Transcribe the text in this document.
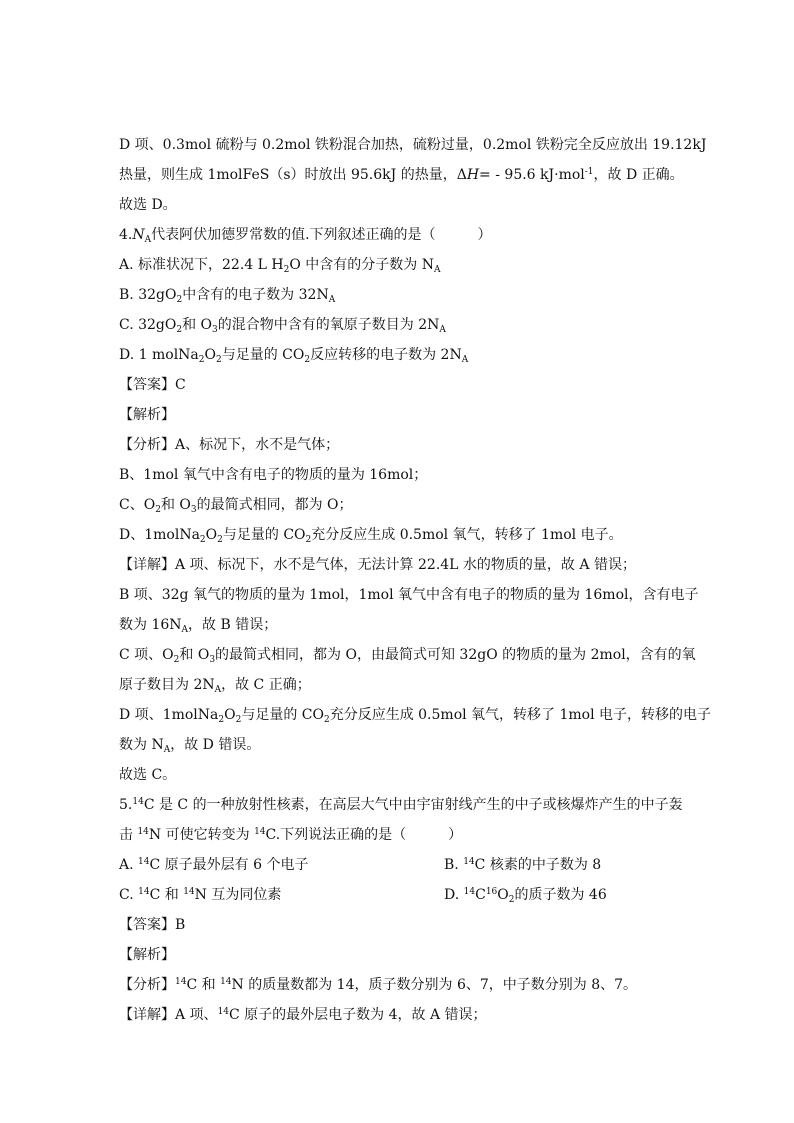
D 项、0.3mol 硫粉与 0.2mol 铁粉混合加热，硫粉过量，0.2mol 铁粉完全反应放出 19.12kJ
热量，则生成 1molFeS（s）时放出 95.6kJ 的热量，ΔH= - 95.6 kJ·mol$^{-1}$，故 D 正确。
故选 D。
$4.N_A$代表阿伏加德罗常数的值.下列叙述正确的是（　　　）
A. 标准状况下，22.4 L $H_2O$ 中含有的分子数为 $N_A$
B. $32gO_2$中含有的电子数为 $32N_A$
C. $32gO_2$和 $O_3$的混合物中含有的氧原子数目为 $2N_A$
D. 1 $molNa_2O_2$与足量的 $CO_2$反应转移的电子数为 $2N_A$
【答案】C
【解析】
【分析】A、标况下，水不是气体；
B、1mol 氧气中含有电子的物质的量为 16mol；
C、$O_2$和 $O_3$的最简式相同，都为 O；
D、$1molNa_2O_2$与足量的 $CO_2$充分反应生成 0.5mol 氧气，转移了 1mol 电子。
【详解】A 项、标况下，水不是气体，无法计算 22.4L 水的物质的量，故 A 错误；
B 项、32g 氧气的物质的量为 1mol，1mol 氧气中含有电子的物质的量为 16mol，含有电子
数为 $16N_A$，故 B 错误；
C 项、$O_2$和 $O_3$的最简式相同，都为 O，由最简式可知 32gO 的物质的量为 2mol，含有的氧
原子数目为 $2N_A$，故 C 正确；
D 项、$1molNa_2O_2$与足量的 $CO_2$充分反应生成 0.5mol 氧气，转移了 1mol 电子，转移的电子
数为 $N_A$，故 D 错误。
故选 C。
5.14C 是 C 的一种放射性核素，在高层大气中由宇宙射线产生的中子或核爆炸产生的中子轰
击 $^{14}$N 可使它转变为 $^{14}$C.下列说法正确的是（　　　）
A. $^{14}$C 原子最外层有 6 个电子	B. $^{14}$C 核素的中子数为 8
C. $^{14}$C 和 $^{14}$N 互为同位素	D. $^{14}C^{16}O_2$的质子数为 46
【答案】B
【解析】
【分析】$^{14}$C 和 $^{14}$N 的质量数都为 14，质子数分别为 6、7，中子数分别为 8、7。
【详解】A 项、$^{14}$C 原子的最外层电子数为 4，故 A 错误；
